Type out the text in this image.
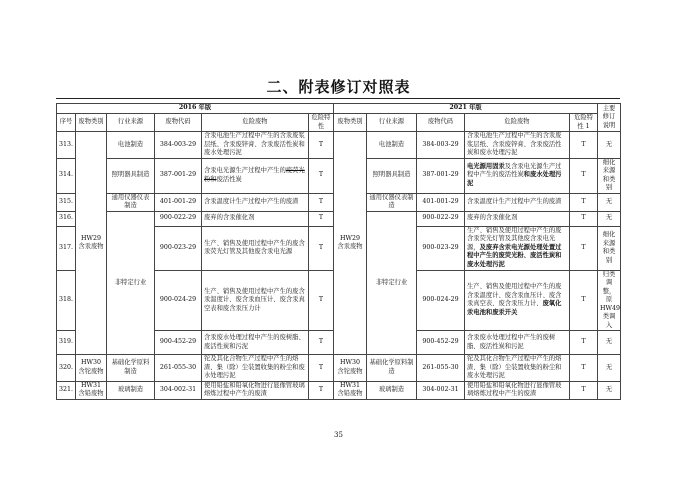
二、附表修订对照表
2016 年版						2021 年版					主要修订说明
序号	废物类别	行业来源	废物代码	危险废物	危险特性	废物类别	行业来源	废物代码	危险废物	危险特性 1	
313.	HW29 含汞废物	电池制造	384-003-29	含汞电池生产过程中产生的含汞废浆层纸、含汞废锌膏、含汞废活性炭和废水处理污泥	T	HW29 含汞废物	电池制造	384-003-29	含汞电池生产过程中产生的含汞废浆层纸、含汞废锌膏、含汞废活性炭和废水处理污泥	T	无
314.		照明器具制造	387-001-29	含汞电光源生产过程中产生的废荧光粉和废活性炭	T		照明器具制造	387-001-29	电光源用固汞及含汞电光源生产过程中产生的废活性炭和废水处理污泥	T	细化来源和类别
315.		通用仪器仪表制造	401-001-29	含汞温度计生产过程中产生的废渣	T		通用仪器仪表制造	401-001-29	含汞温度计生产过程中产生的废渣	T	无
316.		非特定行业	900-022-29	废弃的含汞催化剂	T		非特定行业	900-022-29	废弃的含汞催化剂	T	无
317.			900-023-29	生产、销售及使用过程中产生的废含汞荧光灯管及其他废含汞电光源	T			900-023-29	生产、销售及使用过程中产生的废含汞荧光灯管及其他废含汞电光源，及废弃含汞电光源处理处置过程中产生的废荧光粉、废活性炭和废水处理污泥	T	细化来源和类别
318.			900-024-29	生产、销售及使用过程中产生的废含汞温度计、废含汞血压计、废含汞真空表和废含汞压力计	T			900-024-29	生产、销售及使用过程中产生的废含汞温度计、废含汞血压计、废含汞真空表、废含汞压力计、废氧化汞电池和废汞开关	T	归类调整，原HW49类调入
319.			900-452-29	含汞废水处理过程中产生的废树脂、废活性炭和污泥	T			900-452-29	含汞废水处理过程中产生的废树脂、废活性炭和污泥	T	无
320.	HW30 含铊废物	基础化学原料制造	261-055-30	铊及其化合物生产过程中产生的熔渣、集（除）尘装置收集的粉尘和废水处理污泥	T	HW30 含铊废物	基础化学原料制造	261-055-30	铊及其化合物生产过程中产生的熔渣、集（除）尘装置收集的粉尘和废水处理污泥	T	无
321.	HW31 含铅废物	玻璃制造	304-002-31	使用铅盐和铅氧化物进行显像管玻璃熔炼过程中产生的废渣	T	HW31 含铅废物	玻璃制造	304-002-31	使用铅盐和铅氧化物进行显像管玻璃熔炼过程中产生的废渣	T	无
35
